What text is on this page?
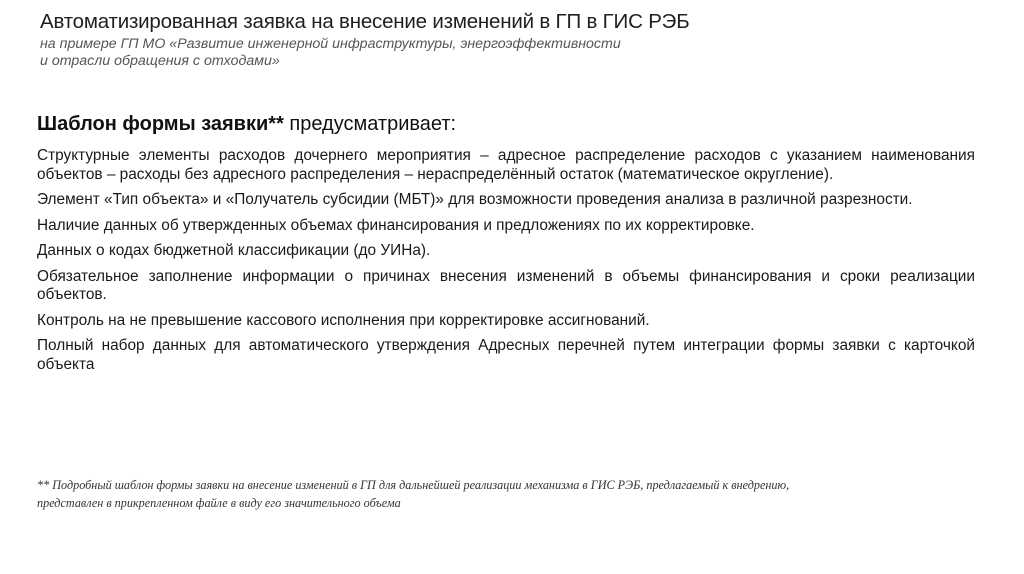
Автоматизированная заявка на внесение изменений в ГП в ГИС РЭБ

на примере ГП МО «Развитие инженерной инфраструктуры, энергоэффективности
и отрасли обращения с отходами»

Шаблон формы заявки** предусматривает:
Структурные элементы расходов дочернего мероприятия – адресное распределение расходов с указанием наименования объектов – расходы без адресного распределения – нераспределённый остаток (математическое округление).
Элемент «Тип объекта» и «Получатель субсидии (МБТ)» для возможности проведения анализа в различной разрезности.
Наличие данных об утвержденных объемах финансирования и предложениях по их корректировке.
Данных о кодах бюджетной классификации (до УИНа).
Обязательное заполнение информации о причинах внесения изменений в объемы финансирования и сроки реализации объектов.
Контроль на не превышение кассового исполнения при корректировке ассигнований.
Полный набор данных для автоматического утверждения Адресных перечней путем интеграции формы заявки с карточкой объекта

** Подробный шаблон формы заявки на внесение изменений в ГП для дальнейшей реализации механизма в ГИС РЭБ, предлагаемый к внедрению,
представлен в прикрепленном файле в виду его значительного объема
